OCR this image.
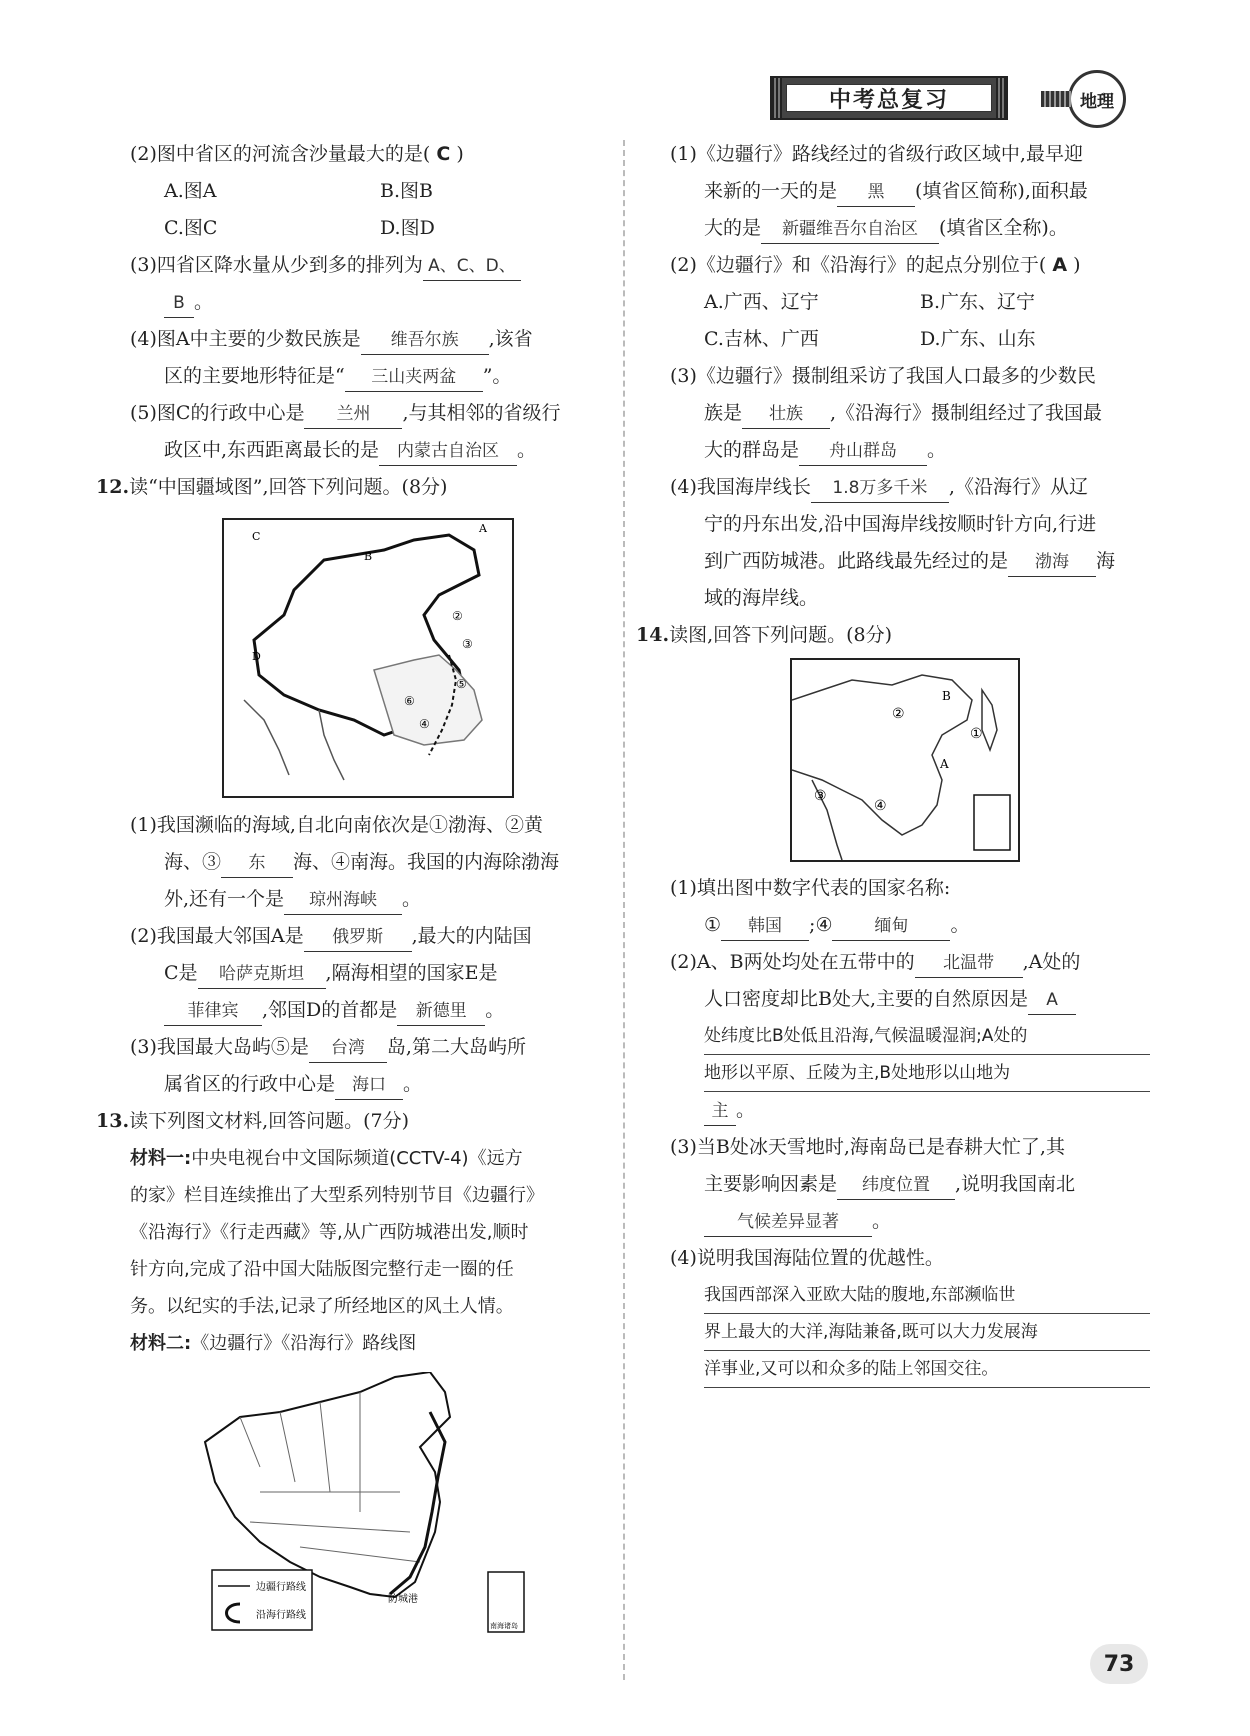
中考总复习	地理

(2)图中省区的河流含沙量最大的是( C )

A.图A	B.图B

C.图C	D.图D

(3)四省区降水量从少到多的排列为 A、C、D、

B 。

(4)图A中主要的少数民族是 维吾尔族 ,该省

区的主要地形特征是“ 三山夹两盆 ”。

(5)图C的行政中心是 兰州 ,与其相邻的省级行

政区中,东西距离最长的是 内蒙古自治区 。

12.读“中国疆域图”,回答下列问题。(8分)

A
B
C
D
②
③
④
⑤
⑥

(1)我国濒临的海域,自北向南依次是①渤海、②黄

海、③ 东 海、④南海。我国的内海除渤海

外,还有一个是 琼州海峡 。

(2)我国最大邻国A是 俄罗斯 ,最大的内陆国

C是 哈萨克斯坦 ,隔海相望的国家E是

菲律宾 ,邻国D的首都是 新德里 。

(3)我国最大岛屿⑤是 台湾 岛,第二大岛屿所

属省区的行政中心是 海口 。

13.读下列图文材料,回答问题。(7分)

材料一:中央电视台中文国际频道(CCTV-4)《远方

的家》栏目连续推出了大型系列特别节目《边疆行》

《沿海行》《行走西藏》等,从广西防城港出发,顺时

针方向,完成了沿中国大陆版图完整行走一圈的任

务。以纪实的手法,记录了所经地区的风土人情。

材料二:《边疆行》《沿海行》路线图

防城港
边疆行路线
沿海行路线
南海诸岛

(1)《边疆行》路线经过的省级行政区域中,最早迎

来新的一天的是 黑 (填省区简称),面积最

大的是 新疆维吾尔自治区 (填省区全称)。

(2)《边疆行》和《沿海行》的起点分别位于( A )

A.广西、辽宁	B.广东、辽宁

C.吉林、广西	D.广东、山东

(3)《边疆行》摄制组采访了我国人口最多的少数民

族是 壮族 ,《沿海行》摄制组经过了我国最

大的群岛是 舟山群岛 。

(4)我国海岸线长 1.8万多千米 ,《沿海行》从辽

宁的丹东出发,沿中国海岸线按顺时针方向,行进

到广西防城港。此路线最先经过的是 渤海 海

域的海岸线。

14.读图,回答下列问题。(8分)

①
②
③
④
A
B

(1)填出图中数字代表的国家名称:

① 韩国 ;④ 缅甸 。

(2)A、B两处均处在五带中的 北温带 ,A处的

人口密度却比B处大,主要的自然原因是 A

处纬度比B处低且沿海,气候温暖湿润;A处的

地形以平原、丘陵为主,B处地形以山地为

主 。

(3)当B处冰天雪地时,海南岛已是春耕大忙了,其

主要影响因素是 纬度位置 ,说明我国南北

气候差异显著 。

(4)说明我国海陆位置的优越性。

我国西部深入亚欧大陆的腹地,东部濒临世

界上最大的大洋,海陆兼备,既可以大力发展海

洋事业,又可以和众多的陆上邻国交往。

73
